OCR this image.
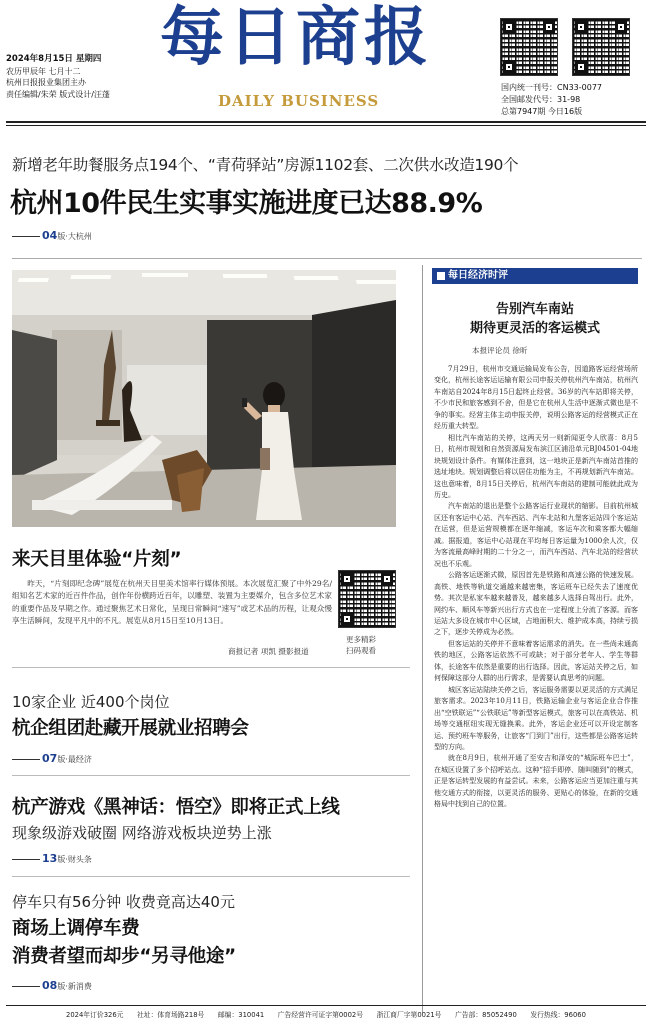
2024年8月15日 星期四
农历甲辰年 七月十二
杭州日报报业集团主办
责任编辑/朱荣 版式设计/汪蓬
每日商报
DAILY BUSINESS
国内统一刊号：CN33-0077
全国邮发代号：31-98
总第7947期 今日16版
新增老年助餐服务点194个、“青荷驿站”房源1102套、二次供水改造190个
杭州10件民生实事实施进度已达88.9%
04版·大杭州
来天目里体验“片刻”
昨天，“片刻即纪念碑”展览在杭州天目里美术馆率行媒体预展。本次展览汇聚了中外29名/组知名艺术家的近百件作品，创作年份横跨近百年，以雕塑、装置为主要媒介，包含多位艺术家的重要作品及早期之作。通过聚焦艺术日常化，呈现日常瞬间“速写”或艺术品的历程，让观众慢享生活瞬间，发现平凡中的不凡。展览从8月15日至10月13日。
更多精彩
扫码观看
商报记者 项凯 摄影报道
10家企业 近400个岗位
杭企组团赴藏开展就业招聘会
07版·最经济
杭产游戏《黑神话：悟空》即将正式上线
现象级游戏破圈 网络游戏板块逆势上涨
13版·财头条
停车只有56分钟 收费竟高达40元
商场上调停车费
消费者望而却步“另寻他途”
08版·新消费
每日经济时评
告别汽车南站
期待更灵活的客运模式
本报评论员 徐昕

7月29日，杭州市交通运输局发布公告，因道路客运经营场所变化，杭州长途客运运输有限公司申报关停杭州汽车南站，杭州汽车南站自2024年8月15日起终止经营。36岁的汽车站即将关停，不少市民和旅客感到不舍，但是它在杭州人生活中逐渐式微也是不争的事实。经营主体主动申报关停，说明公路客运的经营模式正在经历重大转型。

相比汽车南站的关停，这两天另一则新闻更令人欣喜：8月5日，杭州市规划和自然资源局发布滨江区浦沿单元BJ04501-04地块规划设计条件。有媒体注意到，这一地块正是新汽车南站首推的选址地块。规划调整后将以居住功能为主，不再规划新汽车南站。这也意味着，8月15日关停后，杭州汽车南站的建制可能就此成为历史。

汽车南站的退出是整个公路客运行业现状的缩影。目前杭州城区还有客运中心站、汽车西站、汽车北站和九堡客运站四个客运站在运营，但是运营规模都在逐年缩减，客运车次和乘客都大幅缩减。据报道，客运中心站现在平均每日客运量为1000余人次，仅为客流最高峰时期的二十分之一，而汽车西站、汽车北站的经营状况也不乐观。

公路客运逐渐式微，原因首先是铁路和高速公路的快速发展。高铁、地铁等轨道交通越来越密集，客运班车已经失去了速度优势。其次是私家车越来越普及，越来越多人选择自驾出行。此外，网约车、顺风车等新兴出行方式也在一定程度上分流了客源。而客运站大多设在城市中心区域，占地面积大、维护成本高，持续亏损之下，逐步关停成为必然。

但客运站的关停并不意味着客运需求的消失。在一些尚未通高铁的地区，公路客运依然不可或缺；对于部分老年人、学生等群体，长途客车依然是重要的出行选择。因此，客运站关停之后，如何保障这部分人群的出行需求，是需要认真思考的问题。

城区客运站陆续关停之后，客运服务需要以更灵活的方式满足旅客需求。2023年10月11日，铁路运输企业与客运企业合作推出“空铁联运”“公铁联运”等新型客运模式，旅客可以在高铁站、机场等交通枢纽实现无缝换乘。此外，客运企业还可以开设定制客运、预约班车等服务，让旅客“门到门”出行，这些都是公路客运转型的方向。

就在8月9日，杭州开通了至安吉和泽安的“城际班车巴士”，在城区设置了多个招呼站点。这种“招手即停、随叫随到”的模式，正是客运转型发展的有益尝试。未来，公路客运应当更加注重与其他交通方式的衔接，以更灵活的服务、更贴心的体验，在新的交通格局中找到自己的位置。

2024年订价326元 社址：体育场路218号 邮编：310041 广告经营许可证字第0002号 浙江商厂字第0021号 广告部：85052490 发行热线：96060
